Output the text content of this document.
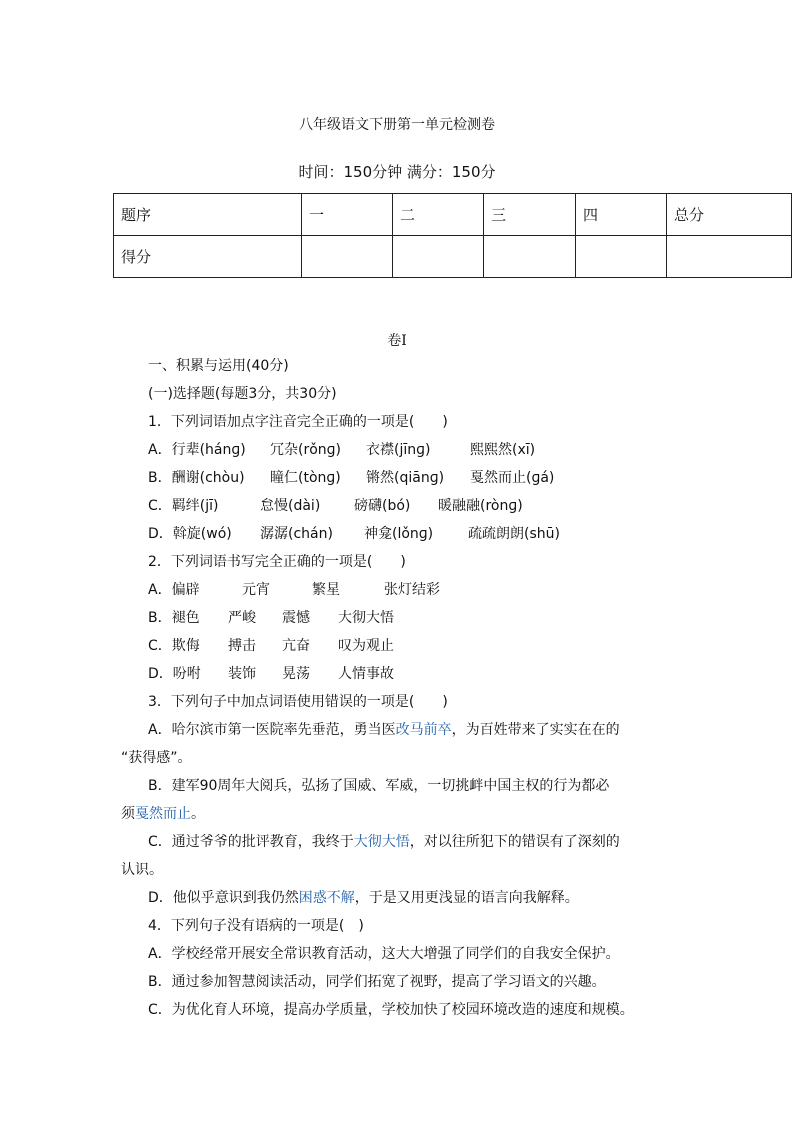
八年级语文下册第一单元检测卷
时间：150分钟 满分：150分
题序	一	二	三	四	总分
得分					
卷Ⅰ
一、积累与运用(40分)
(一)选择题(每题3分，共30分)
1．下列词语加点字注音完全正确的一项是(　　)
A．行辈(hánɡ) 冗杂(rǒnɡ) 衣襟(jīnɡ)	熙熙然(xī)
B．酬谢(chòu) 瞳仁(tònɡ) 锵然(qiānɡ) 戛然而止(ɡá)
C．羁绊(jī)	怠慢(dài) 磅礴(bó) 暖融融(rònɡ)
D．斡旋(wó) 潺潺(chán) 神龛(lǒnɡ) 疏疏朗朗(shū)
2．下列词语书写完全正确的一项是(　　)
A．偏辟	元宵	繁星	张灯结彩
B．褪色 严峻 震憾 大彻大悟
C．欺侮 搏击 亢奋 叹为观止
D．吩咐 装饰 晃荡 人情事故
3．下列句子中加点词语使用错误的一项是(　　)
A．哈尔滨市第一医院率先垂范，勇当医改马前卒，为百姓带来了实实在在的
“获得感”。
B．建军90周年大阅兵，弘扬了国威、军威，一切挑衅中国主权的行为都必
须戛然而止。
C．通过爷爷的批评教育，我终于大彻大悟，对以往所犯下的错误有了深刻的
认识。
D．他似乎意识到我仍然困惑不解，于是又用更浅显的语言向我解释。
4．下列句子没有语病的一项是(　)
A．学校经常开展安全常识教育活动，这大大增强了同学们的自我安全保护。
B．通过参加智慧阅读活动，同学们拓宽了视野，提高了学习语文的兴趣。
C．为优化育人环境，提高办学质量，学校加快了校园环境改造的速度和规模。
